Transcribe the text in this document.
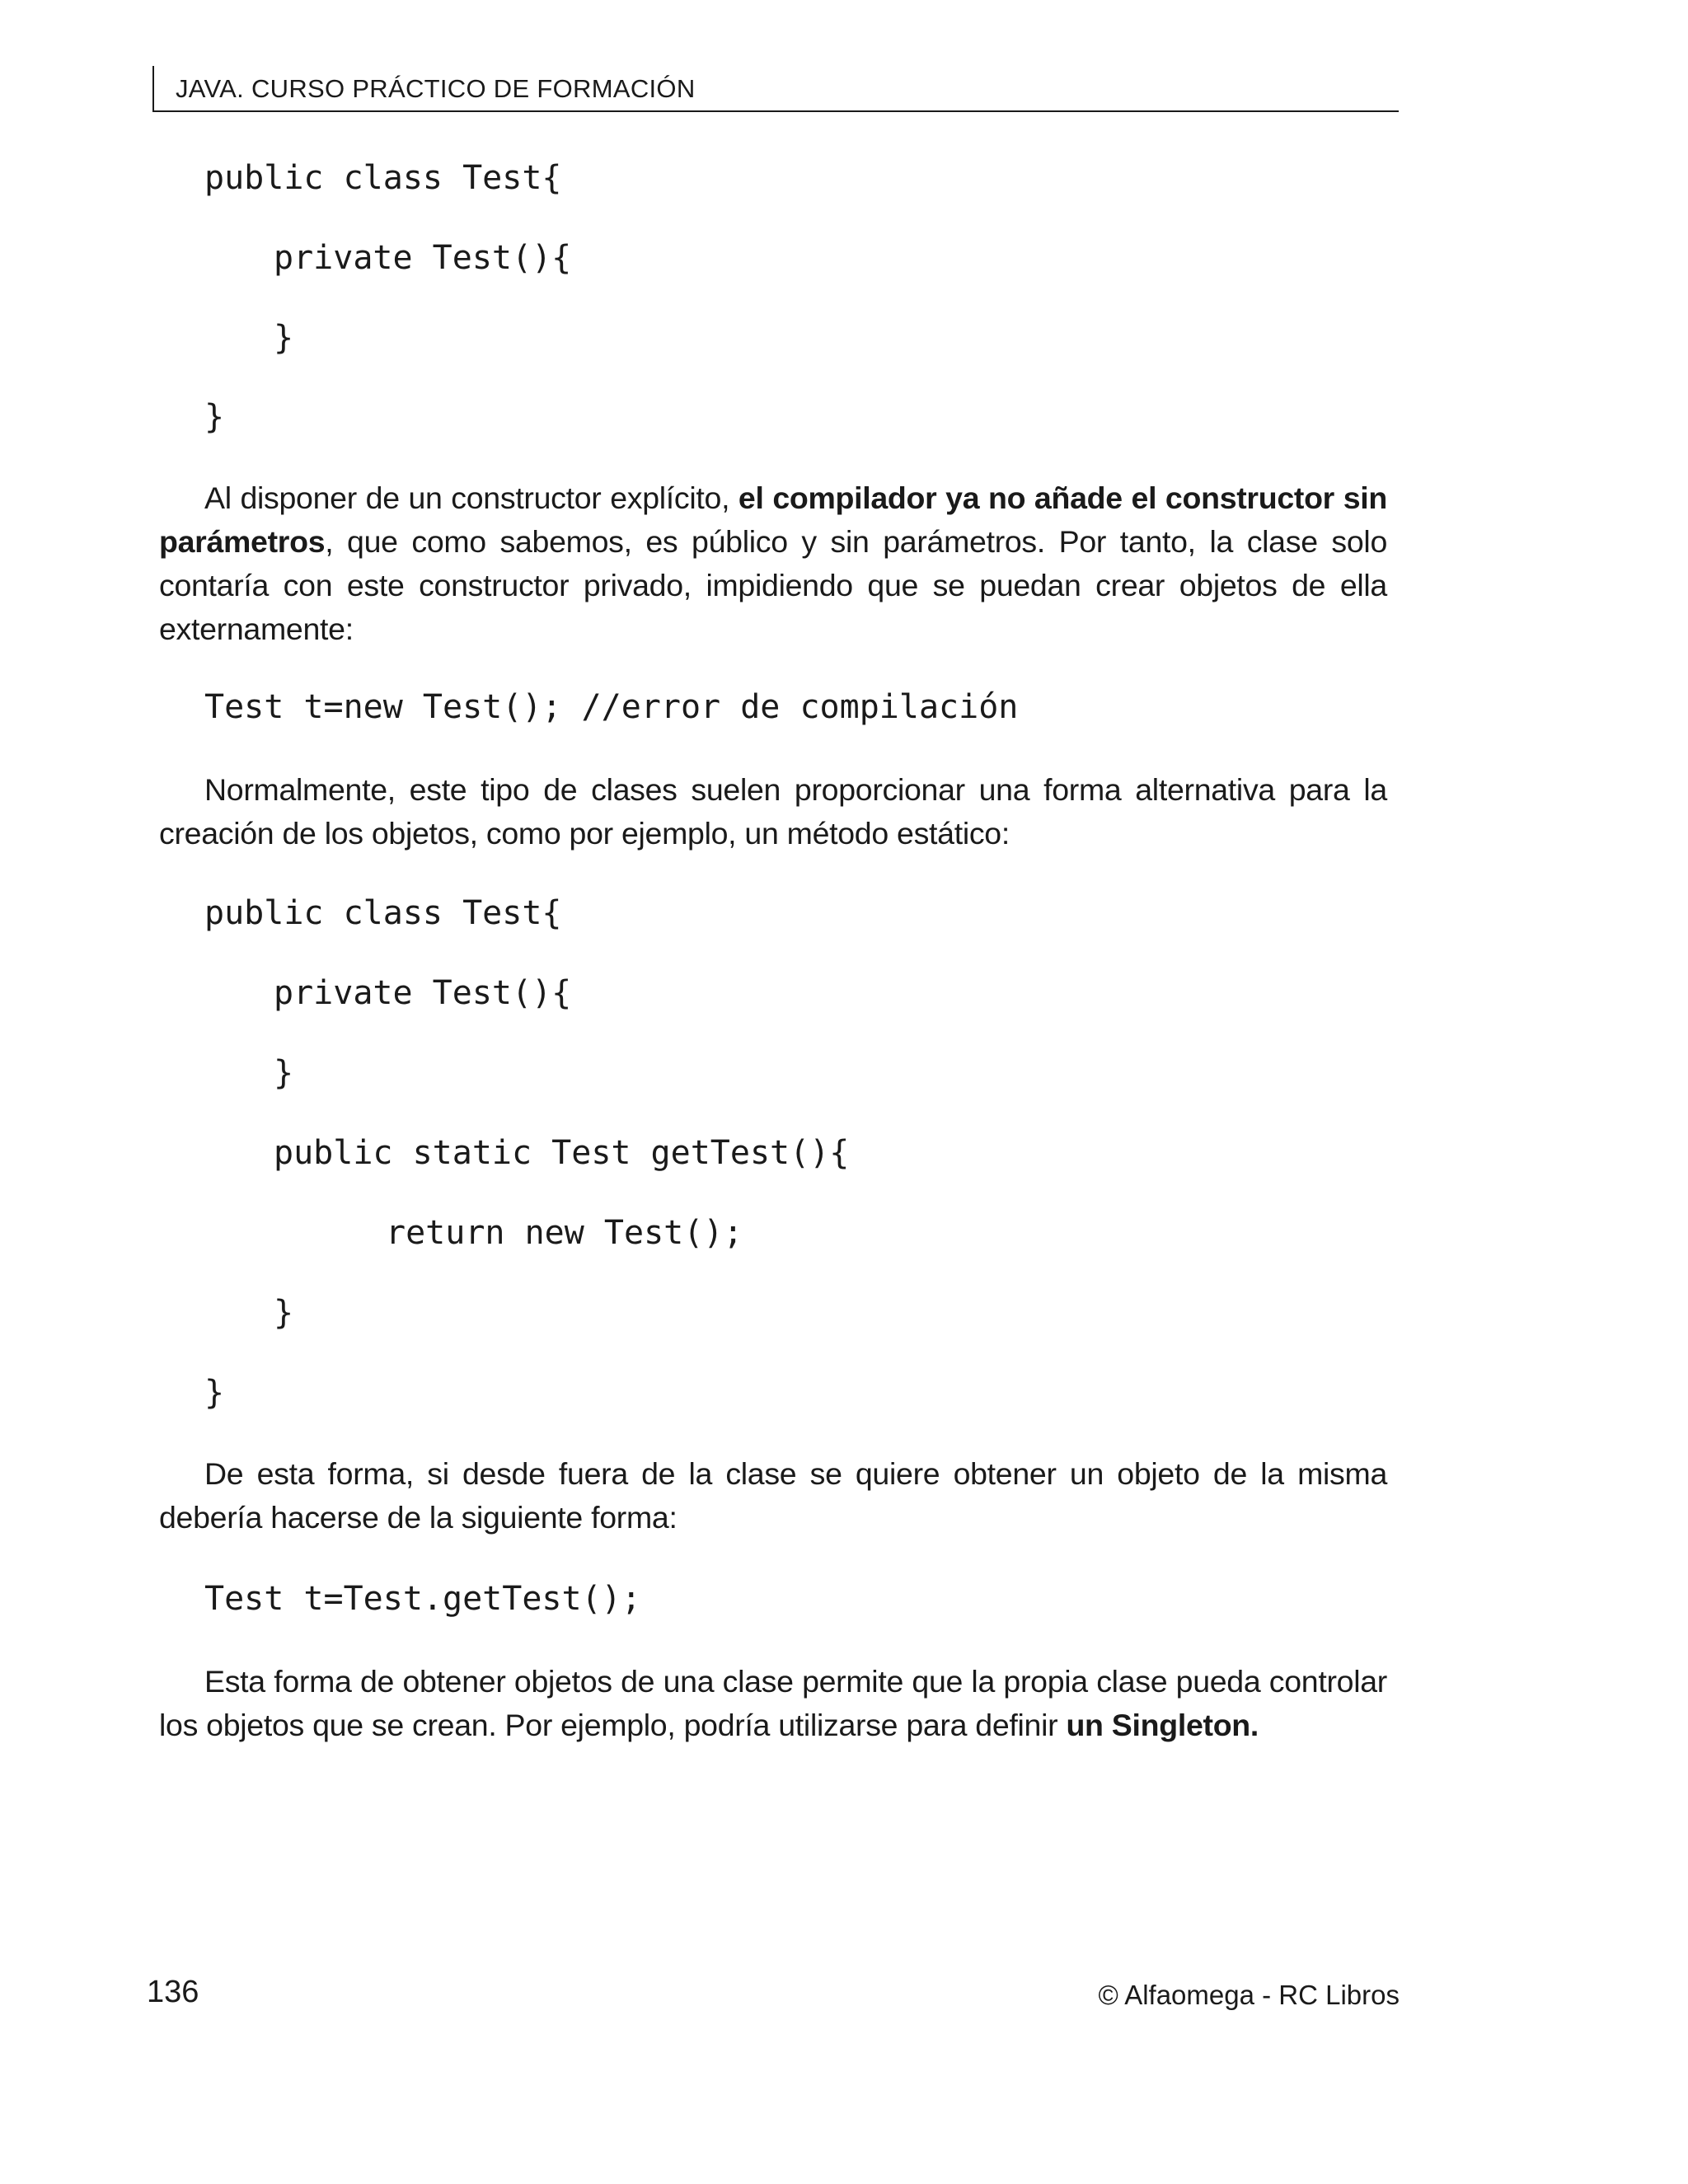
JAVA. CURSO PRÁCTICO DE FORMACIÓN
public class Test{
private Test(){
}
}

Al disponer de un constructor explícito, el compilador ya no añade el constructor sin parámetros, que como sabemos, es público y sin parámetros. Por tanto, la clase solo contaría con este constructor privado, impidiendo que se puedan crear objetos de ella externamente:

Test t=new Test(); //error de compilación

Normalmente, este tipo de clases suelen proporcionar una forma alternativa para la creación de los objetos, como por ejemplo, un método estático:

public class Test{
private Test(){
}
public static Test getTest(){
return new Test();
}
}

De esta forma, si desde fuera de la clase se quiere obtener un objeto de la misma debería hacerse de la siguiente forma:

Test t=Test.getTest();

Esta forma de obtener objetos de una clase permite que la propia clase pueda controlar los objetos que se crean. Por ejemplo, podría utilizarse para definir un Singleton.

136	© Alfaomega - RC Libros
